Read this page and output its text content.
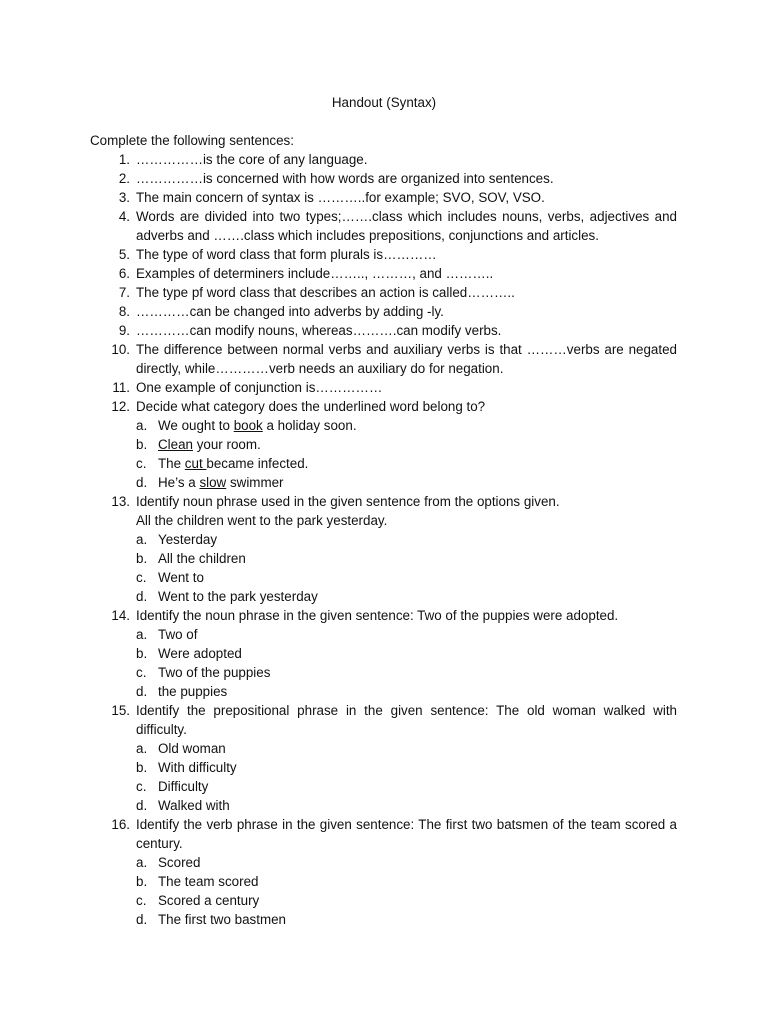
Handout (Syntax)
Complete the following sentences:
1. ……………is the core of any language.
2. ……………is concerned with how words are organized into sentences.
3. The main concern of syntax is ………..for example; SVO, SOV, VSO.
4. Words are divided into two types;…….class which includes nouns, verbs, adjectives and adverbs and …….class which includes prepositions, conjunctions and articles.
5. The type of word class that form plurals is…………
6. Examples of determiners include…….., ………, and ………..
7. The type pf word class that describes an action is called………..
8. …………can be changed into adverbs by adding -ly.
9. …………can modify nouns, whereas……….can modify verbs.
10. The difference between normal verbs and auxiliary verbs is that ………verbs are negated directly, while…………verb needs an auxiliary do for negation.
11. One example of conjunction is……………
12. Decide what category does the underlined word belong to?
a. We ought to book a holiday soon.
b. Clean your room.
c. The cut became infected.
d. He’s a slow swimmer
13. Identify noun phrase used in the given sentence from the options given.
All the children went to the park yesterday.
a. Yesterday
b. All the children
c. Went to
d. Went to the park yesterday
14. Identify the noun phrase in the given sentence: Two of the puppies were adopted.
a. Two of
b. Were adopted
c. Two of the puppies
d. the puppies
15. Identify the prepositional phrase in the given sentence: The old woman walked with difficulty.
a. Old woman
b. With difficulty
c. Difficulty
d. Walked with
16. Identify the verb phrase in the given sentence: The first two batsmen of the team scored a century.
a. Scored
b. The team scored
c. Scored a century
d. The first two bastmen
